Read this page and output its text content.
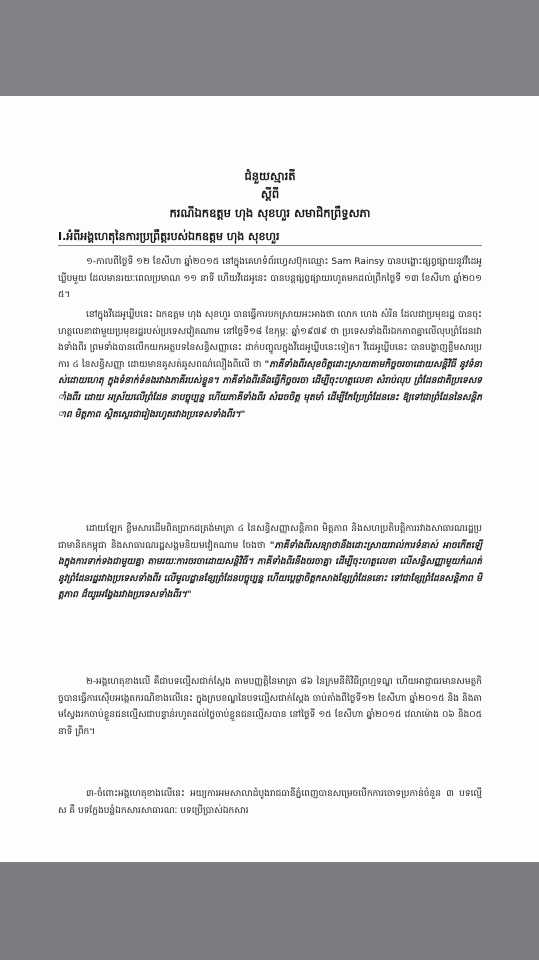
ជំនួយស្មារតី
ស្តីពី
ករណីឯកឧត្តម ហុង សុខហួរ សមាជិកព្រឹទ្ធសភា
I.អំពីអង្គហេតុនៃការប្រព្រឹត្តរបស់ឯកឧត្តម ហុង សុខហួរ
១-កាលពីថ្ងៃទី ១២ ខែសីហា ឆ្នាំ២០១៥ នៅក្នុងគេហទំព័រហ្វេសប៊ុកឈ្មោះ Sam Rainsy បានបង្ហោះផ្សព្វផ្សាយនូវវីដេអូឃ្លីបមួយ ដែលមានរយៈពេលប្រមាណ ១១ នាទី ហើយវីដេអូនេះ បានបន្តផ្សព្វផ្សាយរហូតមកដល់ព្រឹកថ្ងៃទី ១៣ ខែសីហា ឆ្នាំ២០១៥។
នៅក្នុងវីដេអូឃ្លីបនេះ ឯកឧត្តម ហុង សុខហួរ បានធ្វើការបកស្រាយអះអាងថា លោក ហេង សំរិន ដែលជាប្រមុខរដ្ឋ បានចុះហត្ថលេខាជាមួយប្រមុខរដ្ឋរបស់ប្រទេសវៀតណាម នៅថ្ងៃទី១៨ ខែកុម្ភៈ ឆ្នាំ១៩៧៩ ថា ប្រទេសទាំងពីរឯកភាពគ្នាលើលុបព្រំដែនរវាងទាំងពីរ ព្រមទាំងបានលើកយកអត្ថបទនៃសន្ធិសញ្ញានេះ ដាក់បញ្ចូលក្នុងវីដេអូឃ្លីបនេះទៀត។ វីដេអូឃ្លីបនេះ បានបង្ហាញខ្លឹមសារប្រការ ៤ នៃសន្ធិសញ្ញា ដោយមានគូសត់ឆូសពណ៌លឿងពីលើ ថា "ភាគីទាំងពីរសុខចិត្តដោះស្រាយតាមកិច្ចចរចាដោយសន្តិវិធី នូវទំនាស់ដោយហេតុ ក្នុងទំនាក់ទំនងរវាងភាគីរបស់ខ្លួន។ ភាគីទាំងពីរនឹងធ្វើកិច្ចចរចា ដើម្បីចុះហត្ថលេខា សំរាប់លុប ព្រំដែនជាតិប្រទេសទាំងពីរ ដោយ អស្រ័យលើព្រំដែន នាបច្ចុប្បន្ន ហើយភាគីទាំងពីរ សំរេចចិត្ត មុតមាំ ដើម្បីកែប្រែព្រំដែននេះ ឱ្យទៅជាព្រំដែននៃសន្តិភាព មិត្តភាព ស្ថិតស្ថេរជារៀងរហូតរវាងប្រទេសទាំងពីរ។"
ដោយឡែក ខ្លឹមសារដើមពិតប្រាកដត្រង់មាត្រា ៤ នៃសន្ធិសញ្ញាសន្តិភាព មិត្តភាព និងសហប្រតិបត្តិការរវាងសាធារណរដ្ឋប្រជាមានិតកម្ពុជា និងសាធារណរដ្ឋសង្គមនិយមវៀតណាម ចែងថា "ភាគីទាំងពីរសន្យាថានឹងដោះស្រាយរាល់ការទំនាស់ អាចកើតឡើងក្នុងការទាក់ទងជាមួយគ្នា តាមរយៈការចរចាដោយសន្តិវិធី។ ភាគីទាំងពីរនឹងចរចាគ្នា ដើម្បីចុះហត្ថលេខា លើសន្ធិសញ្ញាមួយកំណត់នូវព្រំដែនរដ្ឋរវាងប្រទេសទាំងពីរ លើមូលដ្ឋានខ្សែព្រំដែនបច្ចុប្បន្ន ហើយប្តេជ្ញាចិត្តកសាងខ្សែព្រំដែននោះ ទៅជាខ្សែព្រំដែនសន្តិភាព មិត្តភាព ដ៏យូរអង្វែងរវាងប្រទេសទាំងពីរ។"
២-អង្គហេតុខាងលើ គឺជាបទល្មើសជាក់ស្តែង តាមបញ្ញត្តិនៃមាត្រា ៨៦ នៃក្រមនីតិវិធីព្រហ្មទណ្ឌ ហើយអាជ្ញាធរមានសមត្ថកិច្ចបានធ្វើការស៊ើបអង្កេតករណីខាងលើនេះ ក្នុងក្របខណ្ឌនៃបទល្មើសជាក់ស្តែង ចាប់តាំងពីថ្ងៃទី១២ ខែសីហា ឆ្នាំ២០១៥ និង និងតាមស្វែងរកចាប់ខ្លួនជនល្មើសជាបន្ទាន់រហូតដល់ថ្ងៃចាប់ខ្លួនជនល្មើសបាន នៅថ្ងៃទី ១៥ ខែសីហា ឆ្នាំ២០១៥ វេលាម៉ោង ០៦ និង០៥ នាទី ព្រឹក។
៣-ចំពោះអង្គហេតុខាងលើនេះ អយ្យការអមសាលាដំបូងរាជធានីភ្នំពេញបានសម្រេចបើកការចោទប្រកាន់ចំនួន ៣ បទល្មើស គឺ បទក្លែងបន្លំឯកសារសាធារណៈ បទប្រើប្រាស់ឯកសារ
